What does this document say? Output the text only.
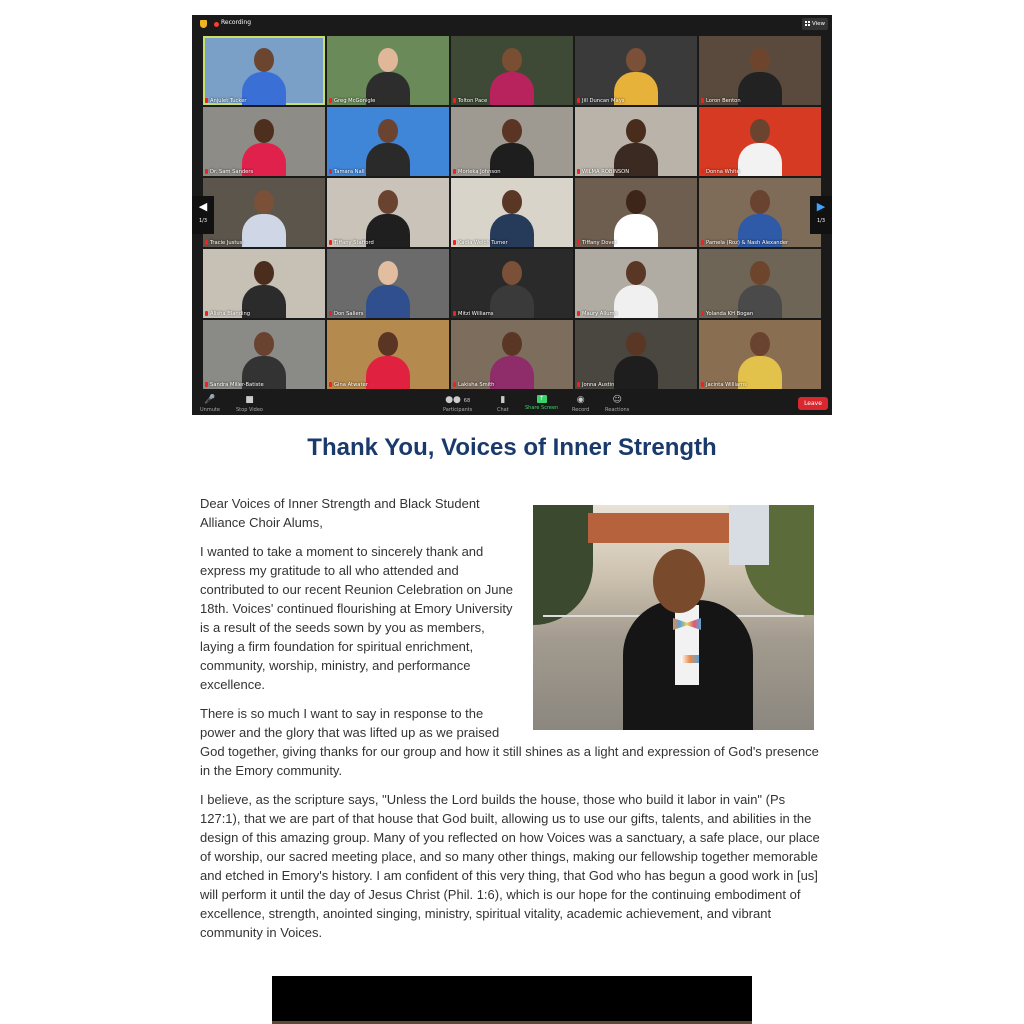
Recording	View
Anjulet Tucker	Greg McGonigle	Tolton Pace	Jill Duncan Mays	Loron Benton
Dr. Sam Sanders	Tamara Nall	Morieka Johnson	WILMA ROBINSON	Donna White
Tracie Justus	Tiffany Stafford	Kadia Welch Turner	Tiffany Dover	Pamela (Roz) & Nash Alexander
Alisha Blanding	Don Saliers	Mitzi Williams	Maury Allums	Yolanda KH Bogan
Sandra Miller-Batiste	Gina Atwater	Lakisha Smith	Jonna Austin	Jacinta Williams
◀
1/3
▶
1/3
🎤
Unmute
■
Stop Video
●● 68
Participants
▮
Chat
↑
Share Screen
◉
Record
☺
Reactions
Leave
Thank You, Voices of Inner Strength

Dear Voices of Inner Strength and Black Student Alliance Choir Alums,

I wanted to take a moment to sincerely thank and express my gratitude to all who attended and contributed to our recent Reunion Celebration on June 18th. Voices' continued flourishing at Emory University is a result of the seeds sown by you as members, laying a firm foundation for spiritual enrichment, community, worship, ministry, and performance excellence.

There is so much I want to say in response to the power and the glory that was lifted up as we praised God together, giving thanks for our group and how it still shines as a light and expression of God's presence in the Emory community.

I believe, as the scripture says, "Unless the Lord builds the house, those who build it labor in vain" (Ps 127:1), that we are part of that house that God built, allowing us to use our gifts, talents, and abilities in the design of this amazing group. Many of you reflected on how Voices was a sanctuary, a safe place, our place of worship, our sacred meeting place, and so many other things, making our fellowship together memorable and etched in Emory's history. I am confident of this very thing, that God who has begun a good work in [us] will perform it until the day of Jesus Christ (Phil. 1:6), which is our hope for the continuing embodiment of excellence, strength, anointed singing, ministry, spiritual vitality, academic achievement, and vibrant community in Voices.
